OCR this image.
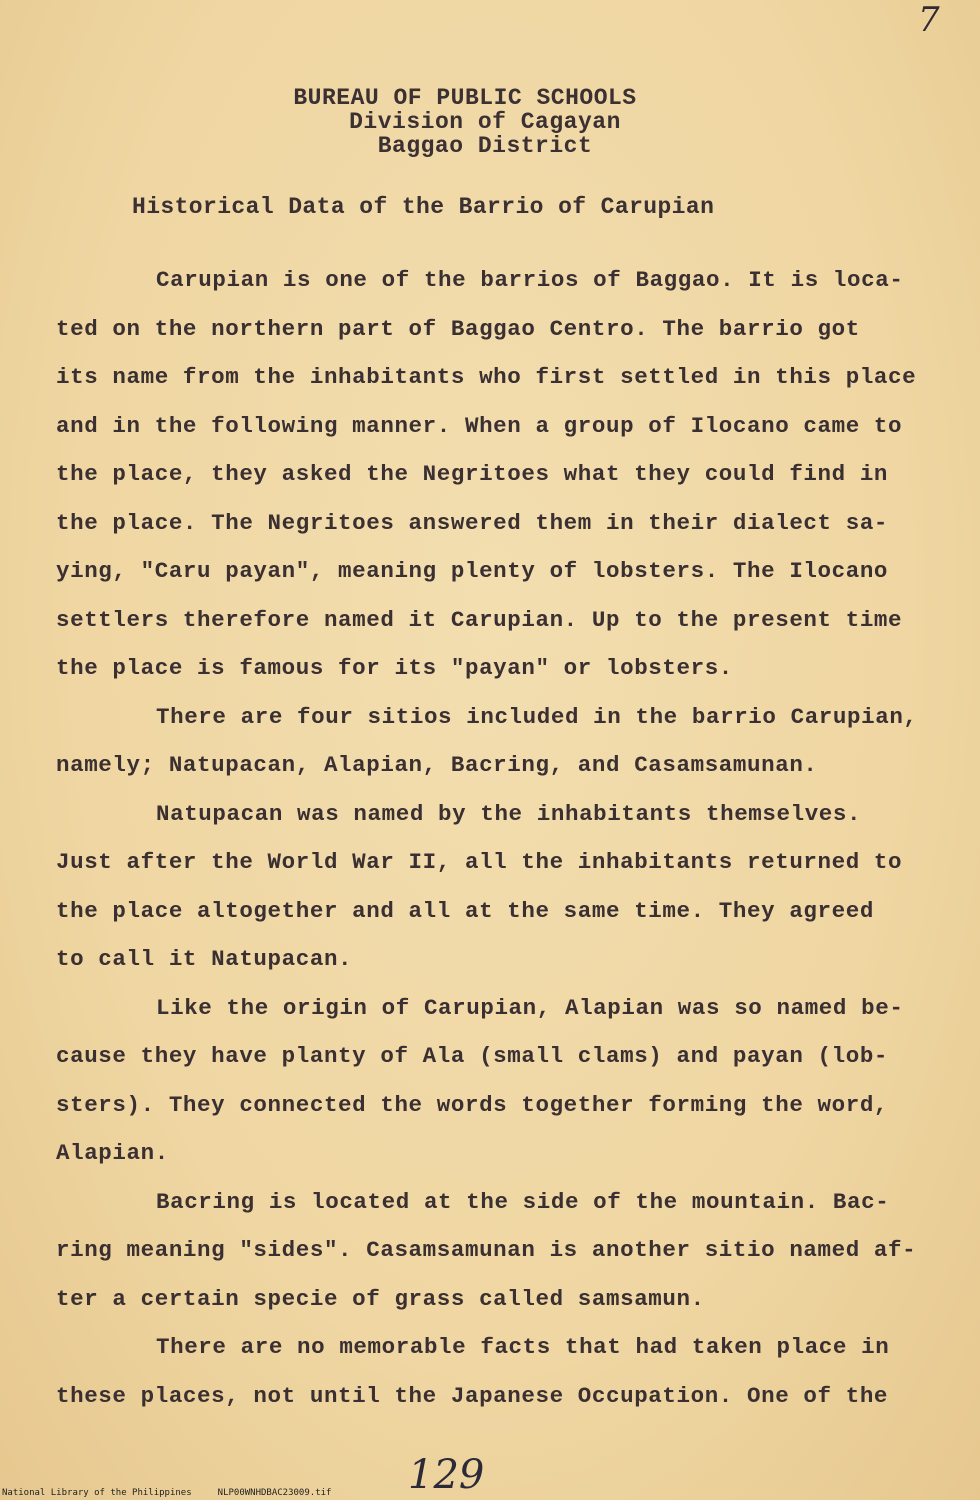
7
BUREAU OF PUBLIC SCHOOLS
Division of Cagayan
Baggao District
Historical Data of the Barrio of Carupian
Carupian is one of the barrios of Baggao. It is loca-
ted on the northern part of Baggao Centro. The barrio got
its name from the inhabitants who first settled in this place
and in the following manner. When a group of Ilocano came to
the place, they asked the Negritoes what they could find in
the place. The Negritoes answered them in their dialect sa-
ying, "Caru payan", meaning plenty of lobsters. The Ilocano
settlers therefore named it Carupian. Up to the present time
the place is famous for its "payan" or lobsters.
There are four sitios included in the barrio Carupian,
namely; Natupacan, Alapian, Bacring, and Casamsamunan.
Natupacan was named by the inhabitants themselves.
Just after the World War II, all the inhabitants returned to
the place altogether and all at the same time. They agreed
to call it Natupacan.
Like the origin of Carupian, Alapian was so named be-
cause they have planty of Ala (small clams) and payan (lob-
sters). They connected the words together forming the word,
Alapian.
Bacring is located at the side of the mountain. Bac-
ring meaning "sides". Casamsamunan is another sitio named af-
ter a certain specie of grass called samsamun.
There are no memorable facts that had taken place in
these places, not until the Japanese Occupation. One of the
129
National Library of the Philippines	NLP00WNHDBAC23009.tif
